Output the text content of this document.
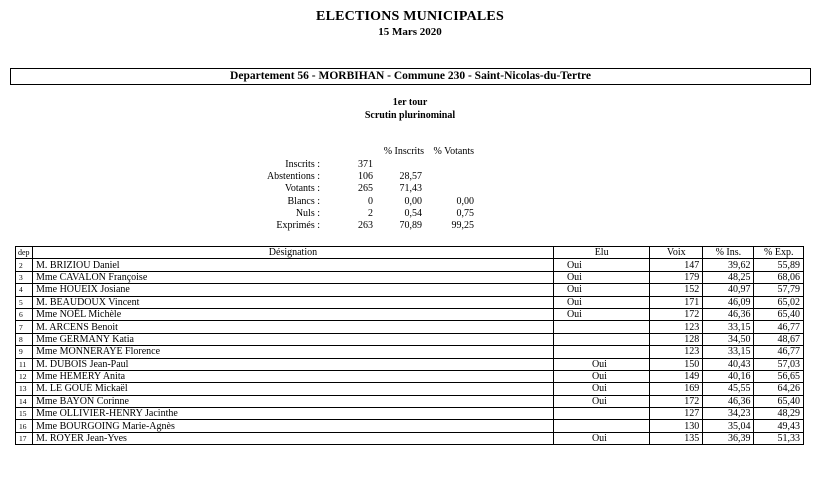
ELECTIONS MUNICIPALES
15 Mars 2020
Departement 56 - MORBIHAN - Commune 230 - Saint-Nicolas-du-Tertre
1er tour
Scrutin plurinominal
% Inscrits % Votants
Inscrits :	371
Abstentions :	106	28,57
Votants :	265	71,43
Blancs :	0	0,00	0,00
Nuls :	2	0,54	0,75
Exprimés :	263	70,89	99,25
dep	Désignation	Elu	Voix	% Ins.	% Exp.
2	M. BRIZIOU Daniel	Oui	147	39,62	55,89
3	Mme CAVALON Françoise	Oui	179	48,25	68,06
4	Mme HOUEIX Josiane	Oui	152	40,97	57,79
5	M. BEAUDOUX Vincent	Oui	171	46,09	65,02
6	Mme NOËL Michèle	Oui	172	46,36	65,40
7	M. ARCENS Benoit		123	33,15	46,77
8	Mme GERMANY Katia		128	34,50	48,67
9	Mme MONNERAYE Florence		123	33,15	46,77
11	M. DUBOIS Jean-Paul	Oui	150	40,43	57,03
12	Mme HEMERY Anita	Oui	149	40,16	56,65
13	M. LE GOUÉ Mickaël	Oui	169	45,55	64,26
14	Mme BAYON Corinne	Oui	172	46,36	65,40
15	Mme OLLIVIER-HENRY Jacinthe		127	34,23	48,29
16	Mme BOURGOING Marie-Agnès		130	35,04	49,43
17	M. ROYER Jean-Yves	Oui	135	36,39	51,33
